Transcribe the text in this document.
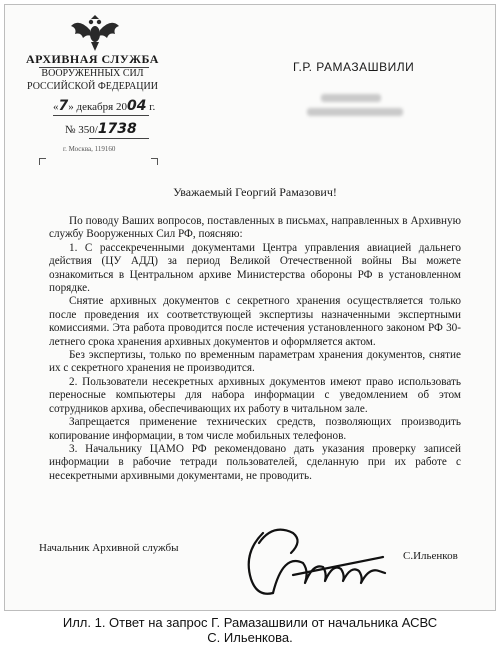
АРХИВНАЯ СЛУЖБА
ВООРУЖЕННЫХ СИЛ
РОССИЙСКОЙ ФЕДЕРАЦИИ
«7» декабря 2004 г.
№ 350/1738
г. Москва, 119160
Г.Р. РАМАЗАШВИЛИ
Уважаемый Георгий Рамазович!

По поводу Ваших вопросов, поставленных в письмах, направленных в Архивную службу Вооруженных Сил РФ, поясняю:

1. С рассекреченными документами Центра управления авиацией дальнего действия (ЦУ АДД) за период Великой Отечественной войны Вы можете ознакомиться в Центральном архиве Министерства обороны РФ в установленном порядке.

Снятие архивных документов с секретного хранения осуществляется только после проведения их соответствующей экспертизы назначенными экспертными комиссиями. Эта работа проводится после истечения установленного законом РФ 30-летнего срока хранения архивных документов и оформляется актом.

Без экспертизы, только по временным параметрам хранения документов, снятие их с секретного хранения не производится.

2. Пользователи несекретных архивных документов имеют право использовать переносные компьютеры для набора информации с уведомлением об этом сотрудников архива, обеспечивающих их работу в читальном зале.

Запрещается применение технических средств, позволяющих производить копирование информации, в том числе мобильных телефонов.

3. Начальнику ЦАМО РФ рекомендовано дать указания проверку записей информации в рабочие тетради пользователей, сделанную при их работе с несекретными архивными документами, не проводить.

Начальник Архивной службы
С.Ильенков
Илл. 1. Ответ на запрос Г. Рамазашвили от начальника АСВС
С. Ильенкова.
